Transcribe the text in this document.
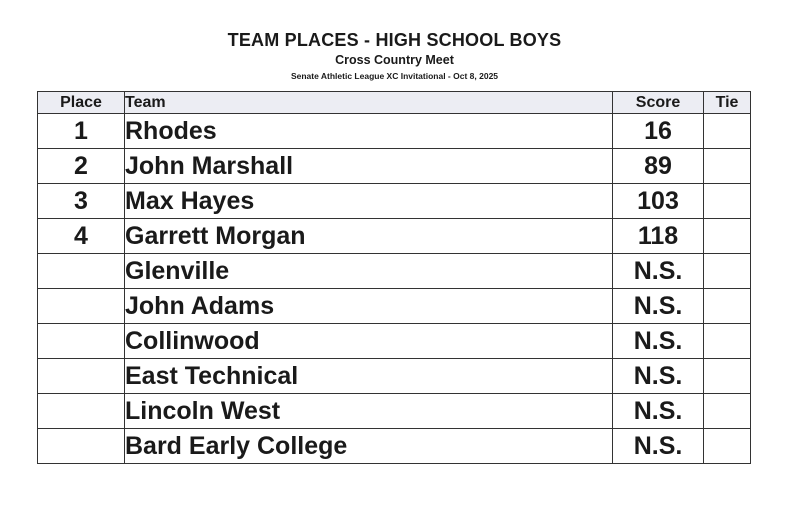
TEAM PLACES - HIGH SCHOOL BOYS
Cross Country Meet
Senate Athletic League XC Invitational - Oct 8, 2025
Place	Team	Score	Tie
1	Rhodes	16	
2	John Marshall	89	
3	Max Hayes	103	
4	Garrett Morgan	118	
	Glenville	N.S.	
	John Adams	N.S.	
	Collinwood	N.S.	
	East Technical	N.S.	
	Lincoln West	N.S.	
	Bard Early College	N.S.	
